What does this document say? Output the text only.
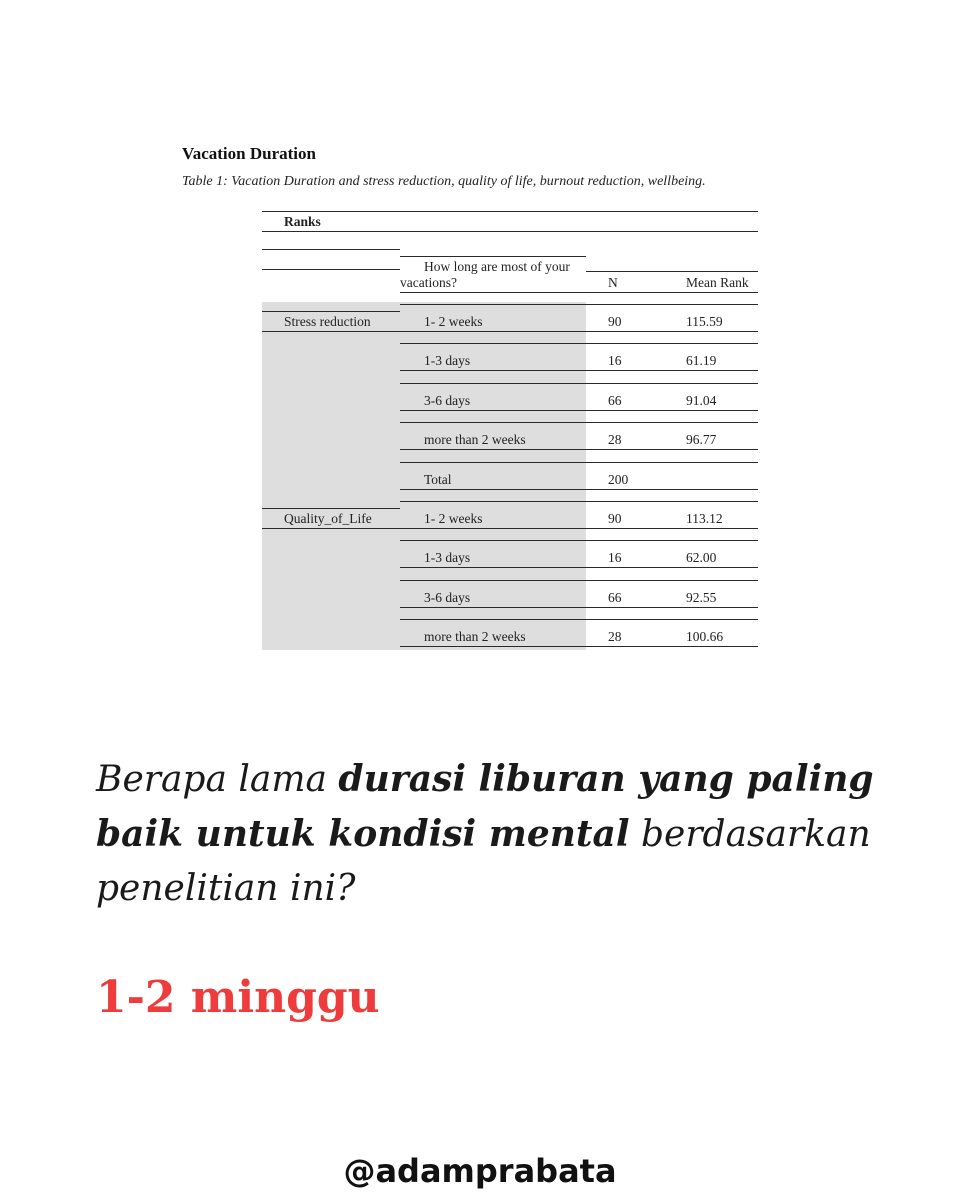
Vacation Duration
Table 1: Vacation Duration and stress reduction, quality of life, burnout reduction, wellbeing.
Ranks
How long are most of your
vacations?	N	Mean Rank
Stress reduction	1- 2 weeks	90	115.59
1-3 days	16	61.19
3-6 days	66	91.04
more than 2 weeks	28	96.77
Total	200
Quality_of_Life	1- 2 weeks	90	113.12
1-3 days	16	62.00
3-6 days	66	92.55
more than 2 weeks	28	100.66
Berapa lama durasi liburan yang paling baik untuk kondisi mental berdasarkan penelitian ini?
1-2 minggu
@adamprabata
